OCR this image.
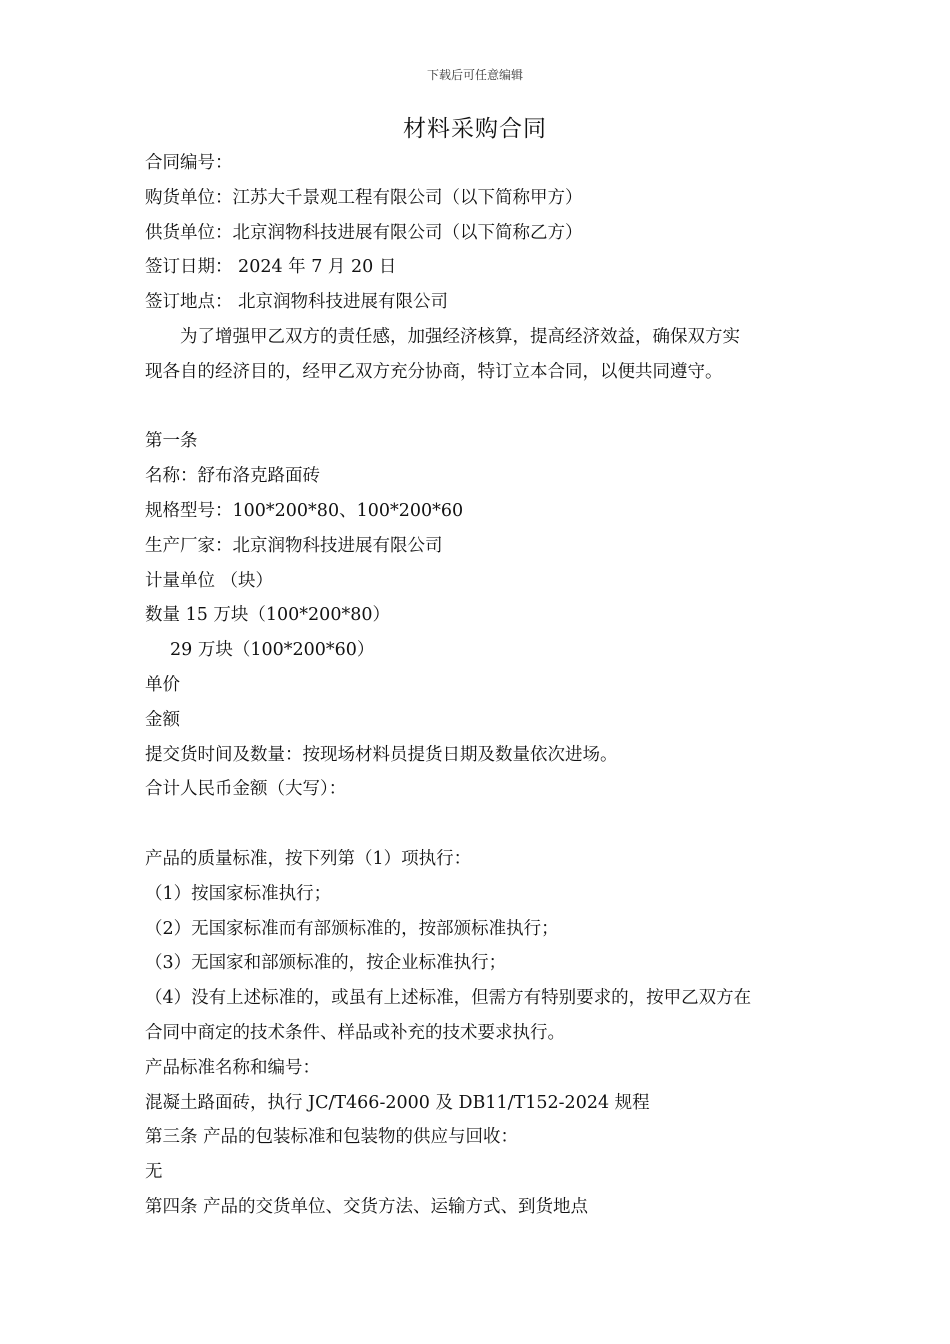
下载后可任意编辑
材料采购合同
合同编号：
购货单位：江苏大千景观工程有限公司（以下简称甲方）
供货单位：北京润物科技进展有限公司（以下简称乙方）
签订日期： 2024 年 7 月 20 日
签订地点： 北京润物科技进展有限公司
为了增强甲乙双方的责任感，加强经济核算，提高经济效益，确保双方实
现各自的经济目的，经甲乙双方充分协商，特订立本合同，以便共同遵守。
第一条
名称：舒布洛克路面砖
规格型号：100*200*80、100*200*60
生产厂家：北京润物科技进展有限公司
计量单位 （块）
数量 15 万块（100*200*80）
29 万块（100*200*60）
单价
金额
提交货时间及数量：按现场材料员提货日期及数量依次进场。
合计人民币金额（大写）：
产品的质量标准，按下列第（1）项执行：
（1）按国家标准执行；
（2）无国家标准而有部颁标准的，按部颁标准执行；
（3）无国家和部颁标准的，按企业标准执行；
（4）没有上述标准的，或虽有上述标准，但需方有特别要求的，按甲乙双方在
合同中商定的技术条件、样品或补充的技术要求执行。
产品标准名称和编号：
混凝土路面砖，执行 JC/T466-2000 及 DB11/T152-2024 规程
第三条 产品的包装标准和包装物的供应与回收：
无
第四条 产品的交货单位、交货方法、运输方式、到货地点
